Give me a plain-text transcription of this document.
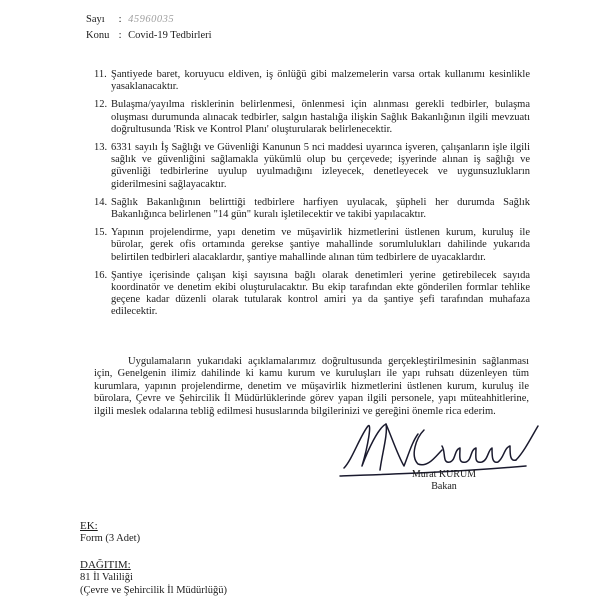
Sayı : 45960035
Konu : Covid-19 Tedbirleri
11. Şantiyede baret, koruyucu eldiven, iş önlüğü gibi malzemelerin varsa ortak kullanımı kesinlikle yasaklanacaktır.
12. Bulaşma/yayılma risklerinin belirlenmesi, önlenmesi için alınması gerekli tedbirler, bulaşma oluşması durumunda alınacak tedbirler, salgın hastalığa ilişkin Sağlık Bakanlığının ilgili mevzuatı doğrultusunda 'Risk ve Kontrol Planı' oluşturularak belirlenecektir.
13. 6331 sayılı İş Sağlığı ve Güvenliği Kanunun 5 nci maddesi uyarınca işveren, çalışanların işle ilgili sağlık ve güvenliğini sağlamakla yükümlü olup bu çerçevede; işyerinde alınan iş sağlığı ve güvenliği tedbirlerine uyulup uyulmadığını izleyecek, denetleyecek ve uygunsuzlukların giderilmesini sağlayacaktır.
14. Sağlık Bakanlığının belirttiği tedbirlere harfiyen uyulacak, şüpheli her durumda Sağlık Bakanlığınca belirlenen "14 gün" kuralı işletilecektir ve takibi yapılacaktır.
15. Yapının projelendirme, yapı denetim ve müşavirlik hizmetlerini üstlenen kurum, kuruluş ile bürolar, gerek ofis ortamında gerekse şantiye mahallinde sorumlulukları dahilinde yukarıda belirtilen tedbirleri alacaklardır, şantiye mahallinde alınan tüm tedbirlere de uyacaklardır.
16. Şantiye içerisinde çalışan kişi sayısına bağlı olarak denetimleri yerine getirebilecek sayıda koordinatör ve denetim ekibi oluşturulacaktır. Bu ekip tarafından ekte gönderilen formlar tehlike geçene kadar düzenli olarak tutularak kontrol amiri ya da şantiye şefi tarafından muhafaza edilecektir.

Uygulamaların yukarıdaki açıklamalarımız doğrultusunda gerçekleştirilmesinin sağlanması için, Genelgenin ilimiz dahilinde ki kamu kurum ve kuruluşları ile yapı ruhsatı düzenleyen tüm kurumlara, yapının projelendirme, denetim ve müşavirlik hizmetlerini üstlenen kurum, kuruluş ile bürolara, Çevre ve Şehircilik İl Müdürlüklerinde görev yapan ilgili personele, yapı müteahhitlerine, ilgili meslek odalarına tebliğ edilmesi hususlarında bilgilerinizi ve gereğini önemle rica ederim.

Murat KURUM
Bakan
EK:
Form (3 Adet)
DAĞITIM:
81 İl Valiliği
(Çevre ve Şehircilik İl Müdürlüğü)
